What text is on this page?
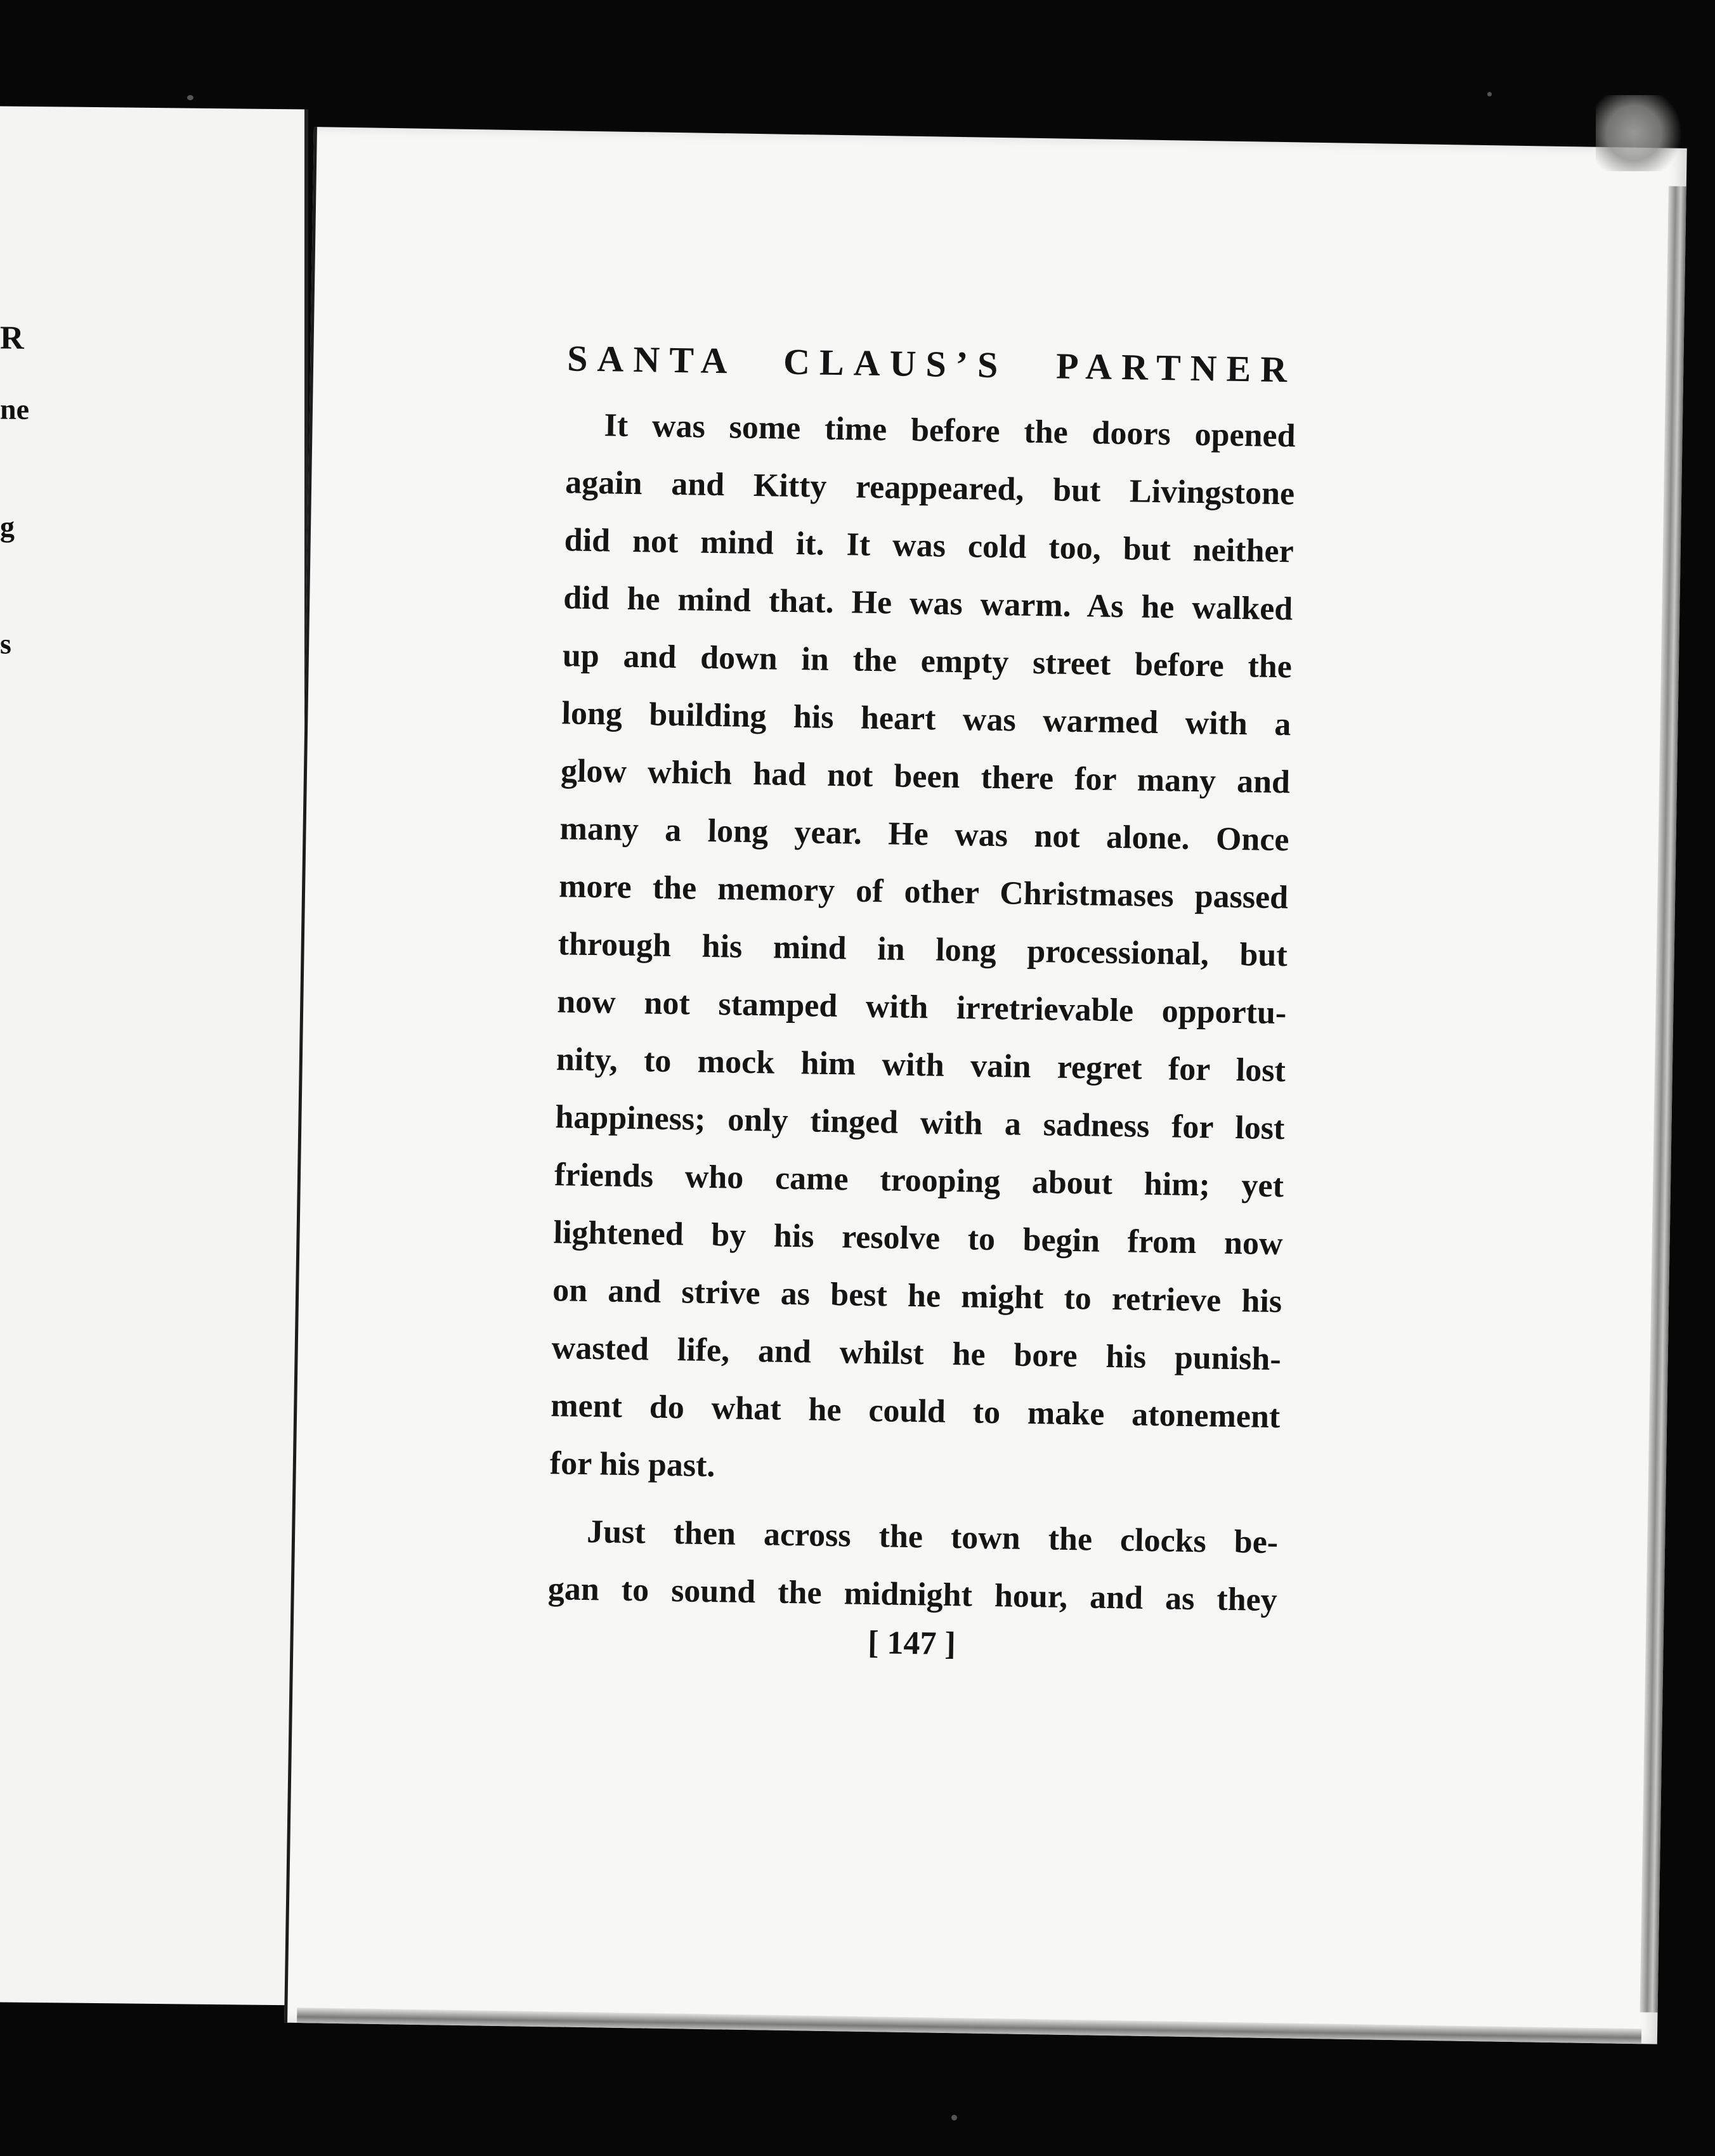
R
ne
g
s
SANTA CLAUS’S PARTNER
It was some time before the doors opened
again and Kitty reappeared, but Livingstone
did not mind it. It was cold too, but neither
did he mind that. He was warm. As he walked
up and down in the empty street before the
long building his heart was warmed with a
glow which had not been there for many and
many a long year. He was not alone. Once
more the memory of other Christmases passed
through his mind in long processional, but
now not stamped with irretrievable opportu-
nity, to mock him with vain regret for lost
happiness; only tinged with a sadness for lost
friends who came trooping about him; yet
lightened by his resolve to begin from now
on and strive as best he might to retrieve his
wasted life, and whilst he bore his punish-
ment do what he could to make atonement
for his past.
Just then across the town the clocks be-
gan to sound the midnight hour, and as they
[ 147 ]
